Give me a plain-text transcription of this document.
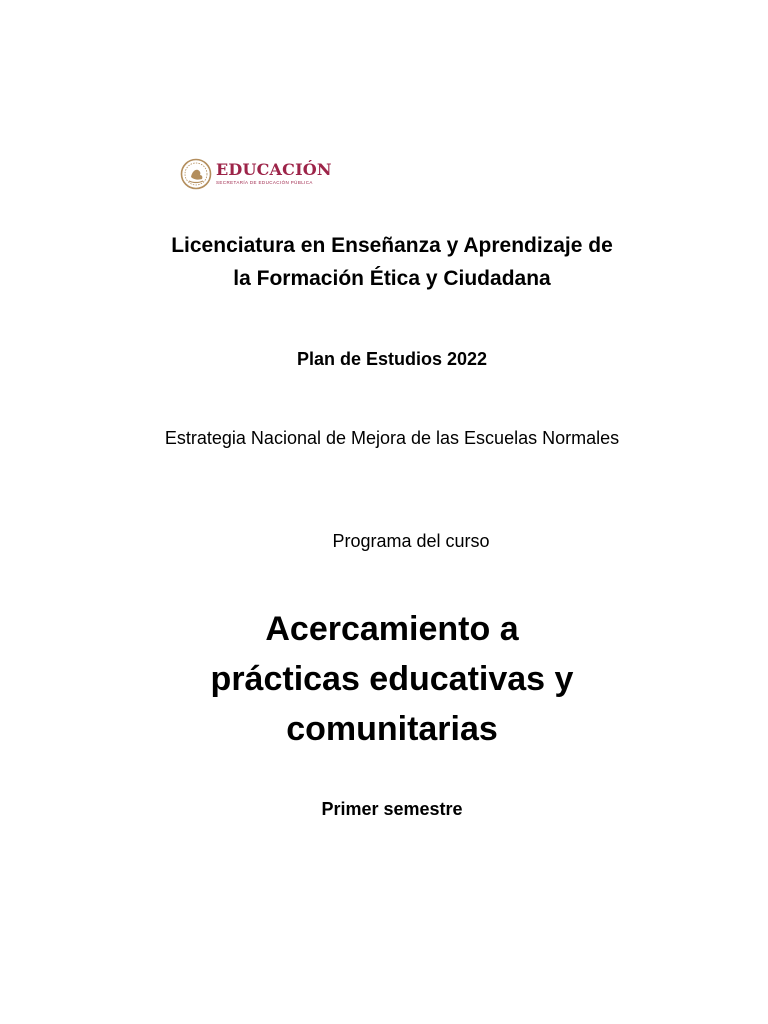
EDUCACIÓN
SECRETARÍA DE EDUCACIÓN PÚBLICA
Licenciatura en Enseñanza y Aprendizaje de la Formación Ética y Ciudadana
Plan de Estudios 2022
Estrategia Nacional de Mejora de las Escuelas Normales
Programa del curso
Acercamiento a prácticas educativas y comunitarias
Primer semestre
